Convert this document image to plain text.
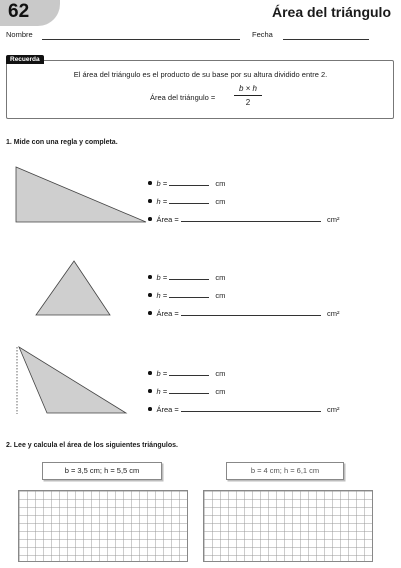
62	Área del triángulo
Nombre	Fecha
Recuerda
El área del triángulo es el producto de su base por su altura dividido entre 2.
Área del triángulo =
b × h
2
1. Mide con una regla y completa.
b =	cm
h =	cm
Área =	cm²
b =	cm
h =	cm
Área =	cm²
b =	cm
h =	cm
Área =	cm²
2. Lee y calcula el área de los siguientes triángulos.
b = 3,5 cm; h = 5,5 cm	b = 4 cm; h = 6,1 cm
